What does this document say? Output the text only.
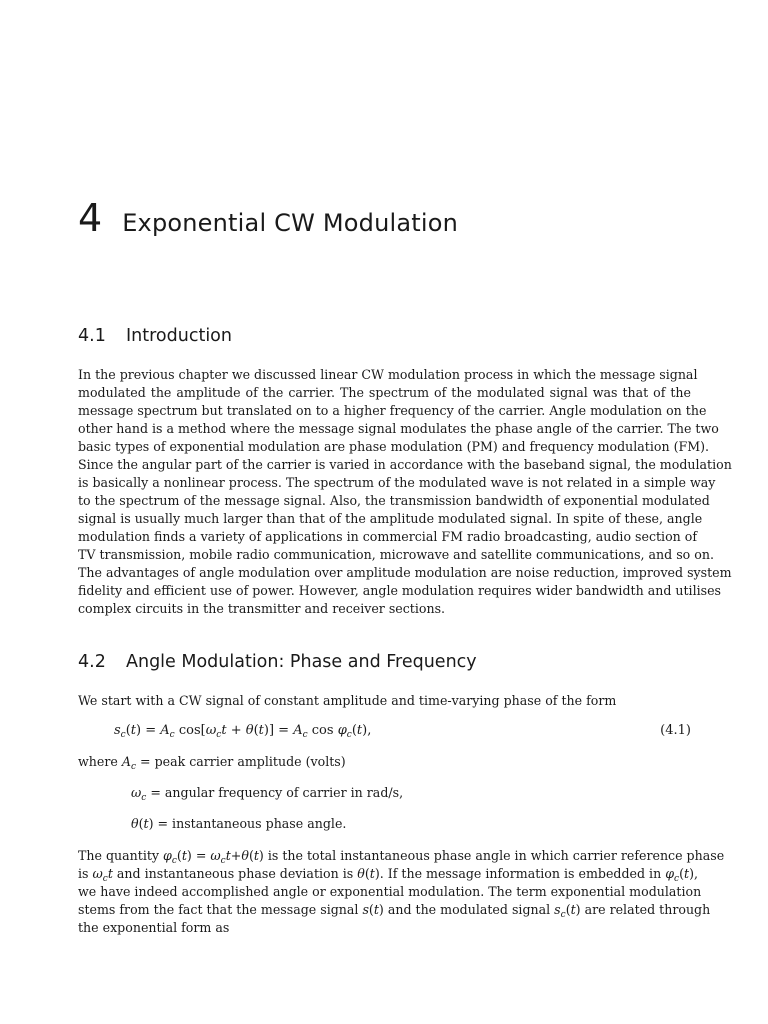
4 Exponential CW Modulation
4.1	Introduction
In the previous chapter we discussed linear CW modulation process in which the message signal
modulated the amplitude of the carrier. The spectrum of the modulated signal was that of the
message spectrum but translated on to a higher frequency of the carrier. Angle modulation on the
other hand is a method where the message signal modulates the phase angle of the carrier. The two
basic types of exponential modulation are phase modulation (PM) and frequency modulation (FM).
Since the angular part of the carrier is varied in accordance with the baseband signal, the modulation
is basically a nonlinear process. The spectrum of the modulated wave is not related in a simple way
to the spectrum of the message signal. Also, the transmission bandwidth of exponential modulated
signal is usually much larger than that of the amplitude modulated signal. In spite of these, angle
modulation finds a variety of applications in commercial FM radio broadcasting, audio section of
TV transmission, mobile radio communication, microwave and satellite communications, and so on.
The advantages of angle modulation over amplitude modulation are noise reduction, improved system
fidelity and efficient use of power. However, angle modulation requires wider bandwidth and utilises
complex circuits in the transmitter and receiver sections.
4.2	Angle Modulation: Phase and Frequency
We start with a CW signal of constant amplitude and time-varying phase of the form
$s_c(t) = A_c$ $\cos[\omega_ct + \theta(t)] = A_c$ $\cos \varphi_c(t)$,	(4.1)
where $A_c$ = peak carrier amplitude (volts)
$\omega_c$ = angular frequency of carrier in rad/s,
θ(t) = instantaneous phase angle.
The quantity $\varphi_c(t) = \omega_ct+\theta(t)$ is the total instantaneous phase angle in which carrier reference phase
is $\omega_ct$ and instantaneous phase deviation is θ(t). If the message information is embedded in $\varphi_c(t)$,
we have indeed accomplished angle or exponential modulation. The term exponential modulation
stems from the fact that the message signal s(t) and the modulated signal $s_c(t)$ are related through
the exponential form as
